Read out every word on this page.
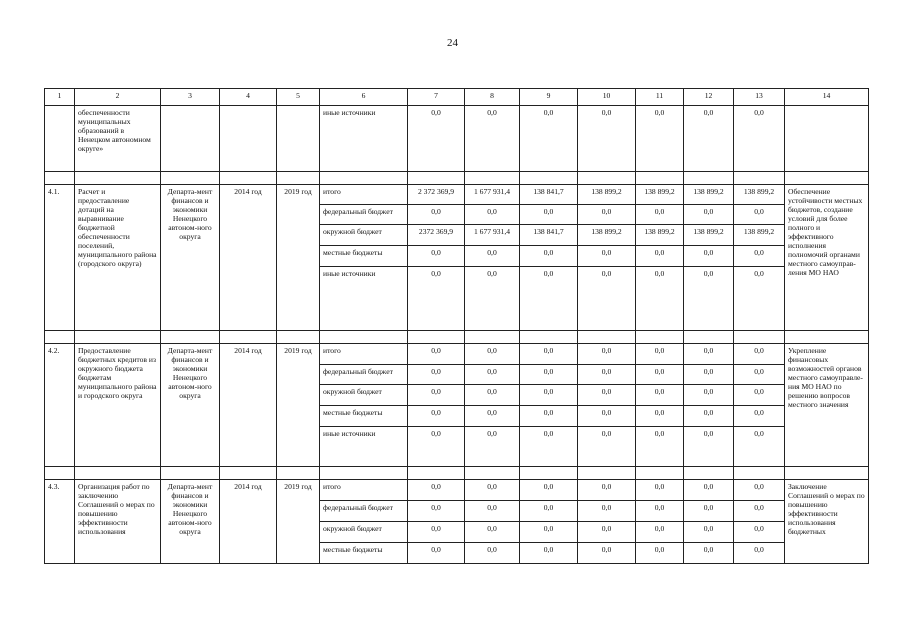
24
1	2	3	4	5	6	7	8	9	10	11	12	13	14
	обеспеченности муниципальных образований в Ненецком автономном округе»				иные источники	0,0	0,0	0,0	0,0	0,0	0,0	0,0	

4.1.	Расчет и предоставление дотаций на выравнивание бюджетной обеспеченности поселений, муниципального района (городского округа)	Департа-мент финансов и экономики Ненецкого автоном-ного округа	2014 год	2019 год	итого	2 372 369,9	1 677 931,4	138 841,7	138 899,2	138 899,2	138 899,2	138 899,2	Обеспечение устойчивости местных бюджетов, создание условий для более полного и эффективного исполнения полномочий органами местного самоуправ-ления МО НАО
					федеральный бюджет	0,0	0,0	0,0	0,0	0,0	0,0	0,0	
					окружной бюджет	2372 369,9	1 677 931,4	138 841,7	138 899,2	138 899,2	138 899,2	138 899,2	
					местные бюджеты	0,0	0,0	0,0	0,0	0,0	0,0	0,0	
					иные источники	0,0	0,0	0,0	0,0	0,0	0,0	0,0	

4.2.	Предоставление бюджетных кредитов из окружного бюджета бюджетам муниципального района и городского округа	Департа-мент финансов и экономики Ненецкого автоном-ного округа	2014 год	2019 год	итого	0,0	0,0	0,0	0,0	0,0	0,0	0,0	Укрепление финансовых возможностей органов местного самоуправле-ния МО НАО по решению вопросов местного значения
					федеральный бюджет	0,0	0,0	0,0	0,0	0,0	0,0	0,0	
					окружной бюджет	0,0	0,0	0,0	0,0	0,0	0,0	0,0	
					местные бюджеты	0,0	0,0	0,0	0,0	0,0	0,0	0,0	
					иные источники	0,0	0,0	0,0	0,0	0,0	0,0	0,0	

4.3.	Организация работ по заключению Соглашений о мерах по повышению эффективности использования	Департа-мент финансов и экономики Ненецкого автоном-ного округа	2014 год	2019 год	итого	0,0	0,0	0,0	0,0	0,0	0,0	0,0	Заключение Соглашений о мерах по повышению эффективности использования бюджетных
					федеральный бюджет	0,0	0,0	0,0	0,0	0,0	0,0	0,0	
					окружной бюджет	0,0	0,0	0,0	0,0	0,0	0,0	0,0	
					местные бюджеты	0,0	0,0	0,0	0,0	0,0	0,0	0,0	
